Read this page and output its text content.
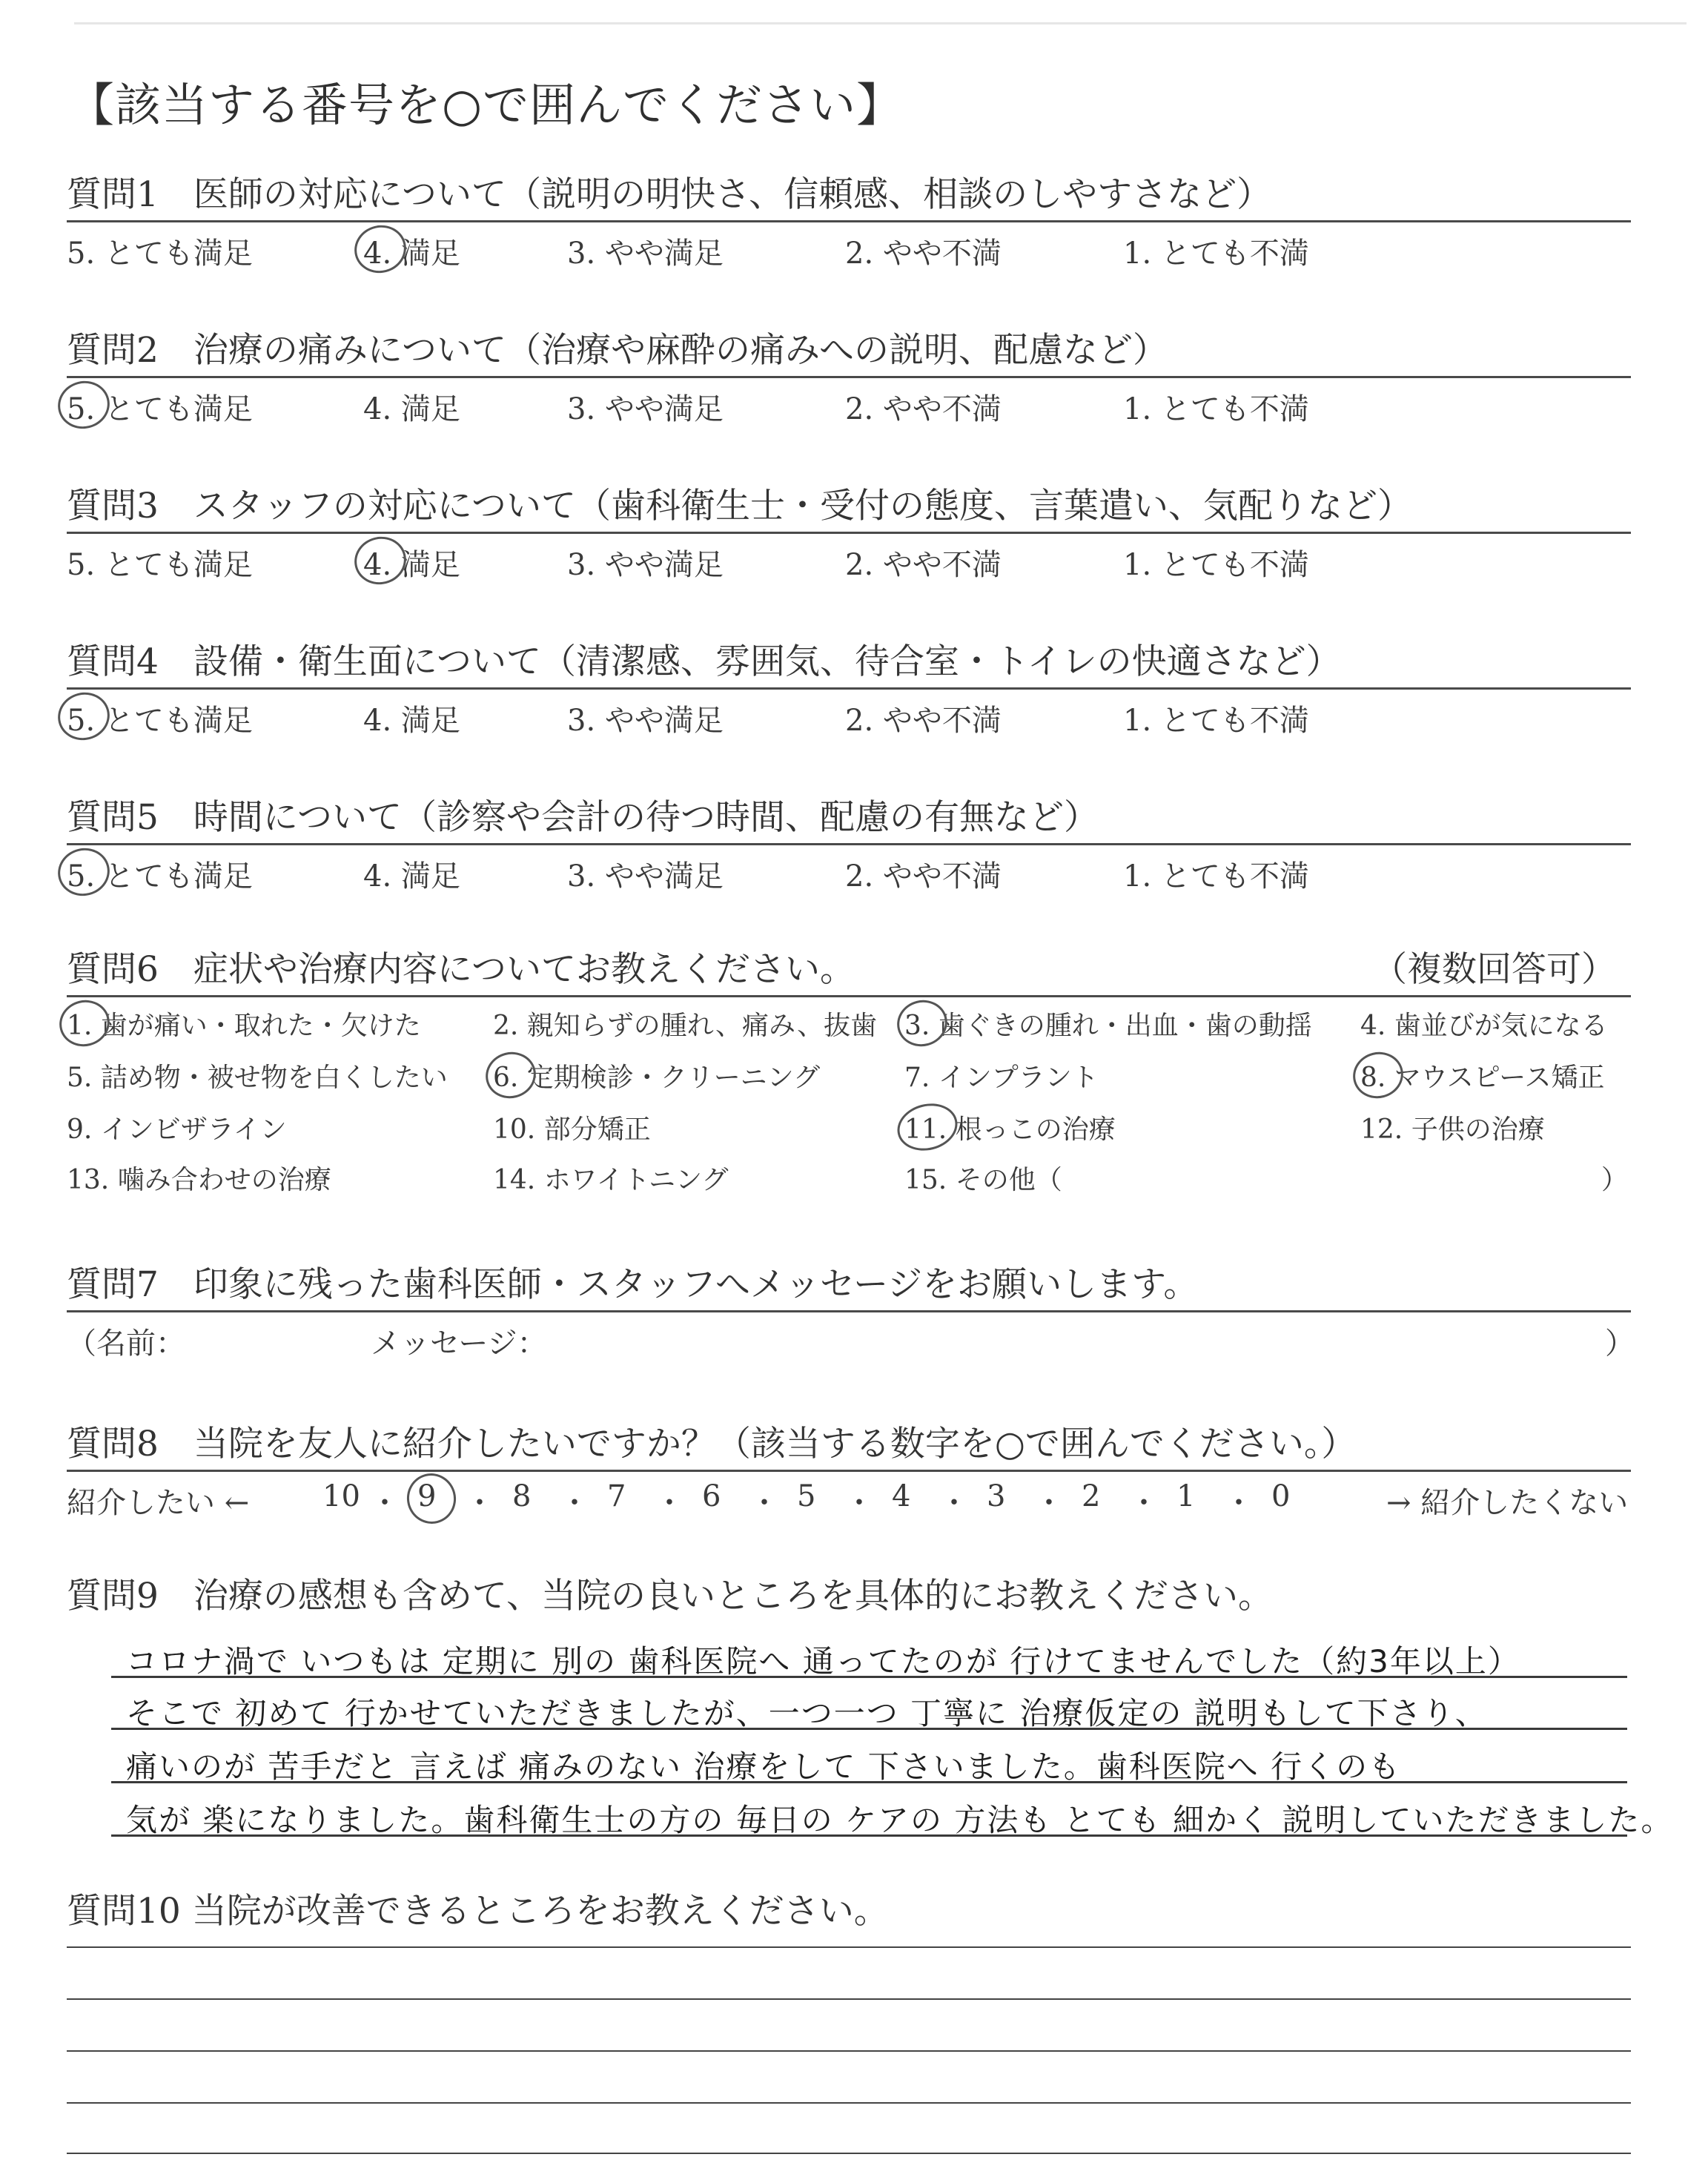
【該当する番号を○で囲んでください】
質問1　医師の対応について（説明の明快さ、信頼感、相談のしやすさなど）
5. とても満足	4. 満足	3. やや満足	2. やや不満	1. とても不満
質問2　治療の痛みについて（治療や麻酔の痛みへの説明、配慮など）
5. とても満足	4. 満足	3. やや満足	2. やや不満	1. とても不満
質問3　スタッフの対応について（歯科衛生士・受付の態度、言葉遣い、気配りなど）
5. とても満足	4. 満足	3. やや満足	2. やや不満	1. とても不満
質問4　設備・衛生面について（清潔感、雰囲気、待合室・トイレの快適さなど）
5. とても満足	4. 満足	3. やや満足	2. やや不満	1. とても不満
質問5　時間について（診察や会計の待つ時間、配慮の有無など）
5. とても満足	4. 満足	3. やや満足	2. やや不満	1. とても不満
質問6　症状や治療内容についてお教えください。	（複数回答可）
1. 歯が痛い・取れた・欠けた	2. 親知らずの腫れ、痛み、抜歯 3. 歯ぐきの腫れ・出血・歯の動揺 4. 歯並びが気になる
5. 詰め物・被せ物を白くしたい 6. 定期検診・クリーニング	7. インプラント	8. マウスピース矯正
9. インビザライン	10. 部分矯正	11. 根っこの治療	12. 子供の治療
13. 噛み合わせの治療	14. ホワイトニング	15. その他（	）
質問7　印象に残った歯科医師・スタッフへメッセージをお願いします。
（名前：	メッセージ：	）
質問8　当院を友人に紹介したいですか？（該当する数字を○で囲んでください。）
紹介したい ←	→ 紹介したくない
10 ・ 9 ・ 8 ・ 7 ・ 6 ・ 5 ・ 4 ・ 3 ・ 2 ・ 1 ・ 0
質問9　治療の感想も含めて、当院の良いところを具体的にお教えください。
コロナ渦で いつもは 定期に 別の 歯科医院へ 通ってたのが 行けてませんでした（約3年以上）
そこで 初めて 行かせていただきましたが、一つ一つ 丁寧に 治療仮定の 説明もして下さり、
痛いのが 苦手だと 言えば 痛みのない 治療をして 下さいました。歯科医院へ 行くのも
気が 楽になりました。歯科衛生士の方の 毎日の ケアの 方法も とても 細かく 説明していただきました。
質問10 当院が改善できるところをお教えください。
